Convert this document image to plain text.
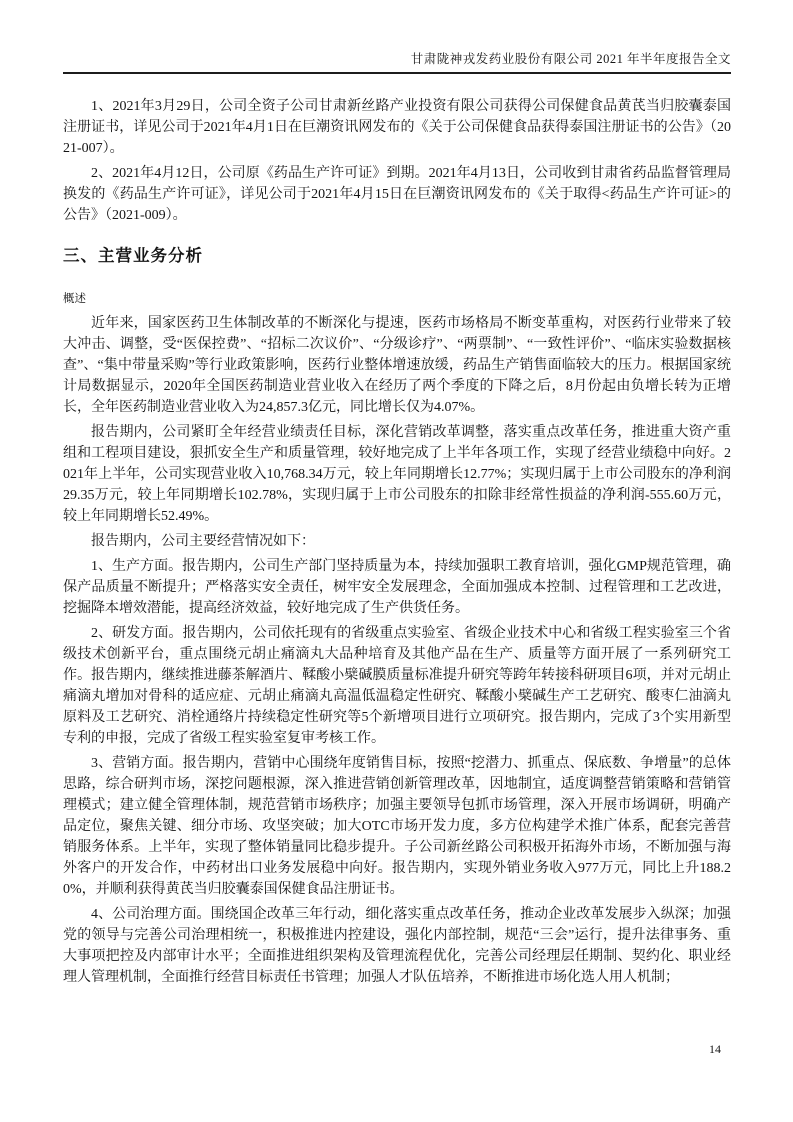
甘肃陇神戎发药业股份有限公司 2021 年半年度报告全文

1、2021年3月29日，公司全资子公司甘肃新丝路产业投资有限公司获得公司保健食品黄芪当归胶囊泰国注册证书，详见公司于2021年4月1日在巨潮资讯网发布的《关于公司保健食品获得泰国注册证书的公告》（2021-007）。

2、2021年4月12日，公司原《药品生产许可证》到期。2021年4月13日，公司收到甘肃省药品监督管理局换发的《药品生产许可证》，详见公司于2021年4月15日在巨潮资讯网发布的《关于取得<药品生产许可证>的公告》（2021-009）。

三、主营业务分析
概述

近年来，国家医药卫生体制改革的不断深化与提速，医药市场格局不断变革重构，对医药行业带来了较大冲击、调整，受“医保控费”、“招标二次议价”、“分级诊疗”、“两票制”、“一致性评价”、“临床实验数据核查”、“集中带量采购”等行业政策影响，医药行业整体增速放缓，药品生产销售面临较大的压力。根据国家统计局数据显示，2020年全国医药制造业营业收入在经历了两个季度的下降之后，8月份起由负增长转为正增长，全年医药制造业营业收入为24,857.3亿元，同比增长仅为4.07%。

报告期内，公司紧盯全年经营业绩责任目标，深化营销改革调整，落实重点改革任务，推进重大资产重组和工程项目建设，狠抓安全生产和质量管理，较好地完成了上半年各项工作，实现了经营业绩稳中向好。2021年上半年，公司实现营业收入10,768.34万元，较上年同期增长12.77%；实现归属于上市公司股东的净利润29.35万元，较上年同期增长102.78%，实现归属于上市公司股东的扣除非经常性损益的净利润-555.60万元，较上年同期增长52.49%。

报告期内，公司主要经营情况如下：

1、生产方面。报告期内，公司生产部门坚持质量为本，持续加强职工教育培训，强化GMP规范管理，确保产品质量不断提升；严格落实安全责任，树牢安全发展理念，全面加强成本控制、过程管理和工艺改进，挖掘降本增效潜能，提高经济效益，较好地完成了生产供货任务。

2、研发方面。报告期内，公司依托现有的省级重点实验室、省级企业技术中心和省级工程实验室三个省级技术创新平台，重点围绕元胡止痛滴丸大品种培育及其他产品在生产、质量等方面开展了一系列研究工作。报告期内，继续推进藤茶解酒片、鞣酸小檗碱膜质量标准提升研究等跨年转接科研项目6项，并对元胡止痛滴丸增加对骨科的适应症、元胡止痛滴丸高温低温稳定性研究、鞣酸小檗碱生产工艺研究、酸枣仁油滴丸原料及工艺研究、消栓通络片持续稳定性研究等5个新增项目进行立项研究。报告期内，完成了3个实用新型专利的申报，完成了省级工程实验室复审考核工作。

3、营销方面。报告期内，营销中心围绕年度销售目标，按照“挖潜力、抓重点、保底数、争增量”的总体思路，综合研判市场，深挖问题根源，深入推进营销创新管理改革，因地制宜，适度调整营销策略和营销管理模式；建立健全管理体制，规范营销市场秩序；加强主要领导包抓市场管理，深入开展市场调研，明确产品定位，聚焦关键、细分市场、攻坚突破；加大OTC市场开发力度，多方位构建学术推广体系，配套完善营销服务体系。上半年，实现了整体销量同比稳步提升。子公司新丝路公司积极开拓海外市场，不断加强与海外客户的开发合作，中药材出口业务发展稳中向好。报告期内，实现外销业务收入977万元，同比上升188.20%，并顺利获得黄芪当归胶囊泰国保健食品注册证书。

4、公司治理方面。围绕国企改革三年行动，细化落实重点改革任务，推动企业改革发展步入纵深；加强党的领导与完善公司治理相统一，积极推进内控建设，强化内部控制，规范“三会”运行，提升法律事务、重大事项把控及内部审计水平；全面推进组织架构及管理流程优化，完善公司经理层任期制、契约化、职业经理人管理机制，全面推行经营目标责任书管理；加强人才队伍培养，不断推进市场化选人用人机制；

14
